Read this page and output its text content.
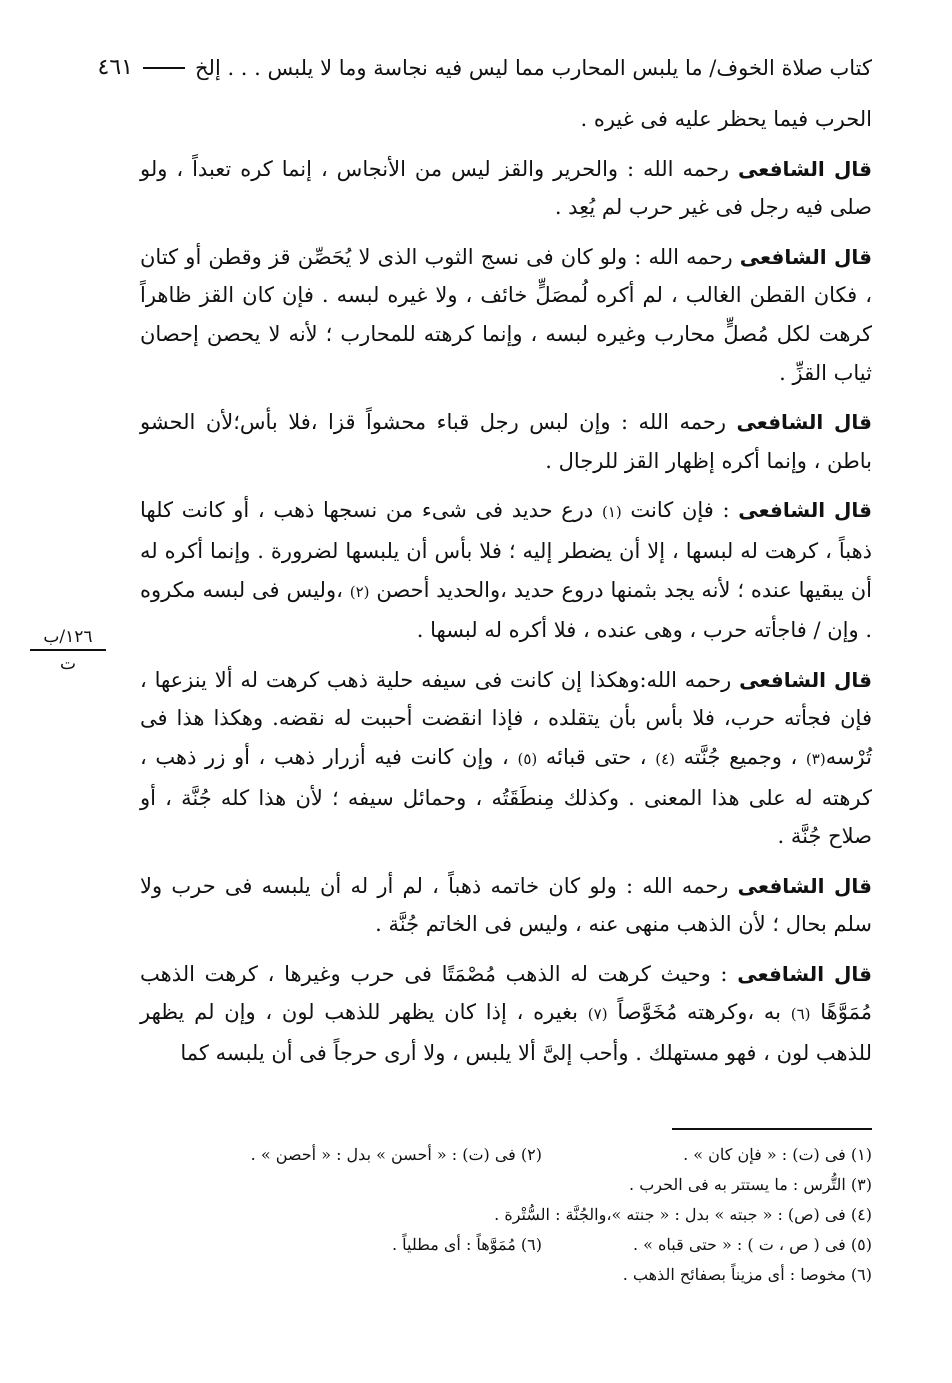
كتاب صلاة الخوف/ ما يلبس المحارب مما ليس فيه نجاسة وما لا يلبس . . . إلخ
٤٦١
١٢٦/ب
ت

الحرب فيما يحظر عليه فى غيره .

قال الشافعى رحمه الله : والحرير والقز ليس من الأنجاس ، إنما كره تعبداً ، ولو صلى فيه رجل فى غير حرب لم يُعِد .

قال الشافعى رحمه الله : ولو كان فى نسج الثوب الذى لا يُحَصِّن قز وقطن أو كتان ، فكان القطن الغالب ، لم أكره لُمصَلٍّ خائف ، ولا غيره لبسه . فإن كان القز ظاهراً كرهت لكل مُصلٍّ محارب وغيره لبسه ، وإنما كرهته للمحارب ؛ لأنه لا يحصن إحصان ثياب القزِّ .

قال الشافعى رحمه الله : وإن لبس رجل قباء محشواً قزا ،فلا بأس؛لأن الحشو باطن ، وإنما أكره إظهار القز للرجال .

قال الشافعى : فإن كانت (١) درع حديد فى شىء من نسجها ذهب ، أو كانت كلها ذهباً ، كرهت له لبسها ، إلا أن يضطر إليه ؛ فلا بأس أن يلبسها لضرورة . وإنما أكره له أن يبقيها عنده ؛ لأنه يجد بثمنها دروع حديد ،والحديد أحصن (٢) ،وليس فى لبسه مكروه . وإن / فاجأته حرب ، وهى عنده ، فلا أكره له لبسها .

قال الشافعى رحمه الله:وهكذا إن كانت فى سيفه حلية ذهب كرهت له ألا ينزعها ، فإن فجأته حرب، فلا بأس بأن يتقلده ، فإذا انقضت أحببت له نقضه. وهكذا هذا فى تُرْسه(٣) ، وجميع جُنَّته (٤) ، حتى قبائه (٥) ، وإن كانت فيه أزرار ذهب ، أو زر ذهب ، كرهته له على هذا المعنى . وكذلك مِنطَقَتُه ، وحمائل سيفه ؛ لأن هذا كله جُنَّة ، أو صلاح جُنَّة .

قال الشافعى رحمه الله : ولو كان خاتمه ذهباً ، لم أر له أن يلبسه فى حرب ولا سلم بحال ؛ لأن الذهب منهى عنه ، وليس فى الخاتم جُنَّة .

قال الشافعى : وحيث كرهت له الذهب مُصْمَتًا فى حرب وغيرها ، كرهت الذهب مُمَوَّهًا (٦) به ،وكرهته مُخَوَّصاً (٧) بغيره ، إذا كان يظهر للذهب لون ، وإن لم يظهر للذهب لون ، فهو مستهلك . وأحب إلىَّ ألا يلبس ، ولا أرى حرجاً فى أن يلبسه كما

(١) فى (ت) : « فإن كان » .
(٢) فى (ت) : « أحسن » بدل : « أحصن » .
(٣) التُّرس : ما يستتر به فى الحرب .
(٤) فى (ص) : « جبته » بدل : « جنته »،والجُنَّة : السُّتْرة .
(٥) فى ( ص ، ت ) : « حتى قباه » .
(٦) مُمَوَّهاً : أى مطلياً .
(٦) مخوصا : أى مزيناً بصفائح الذهب .
